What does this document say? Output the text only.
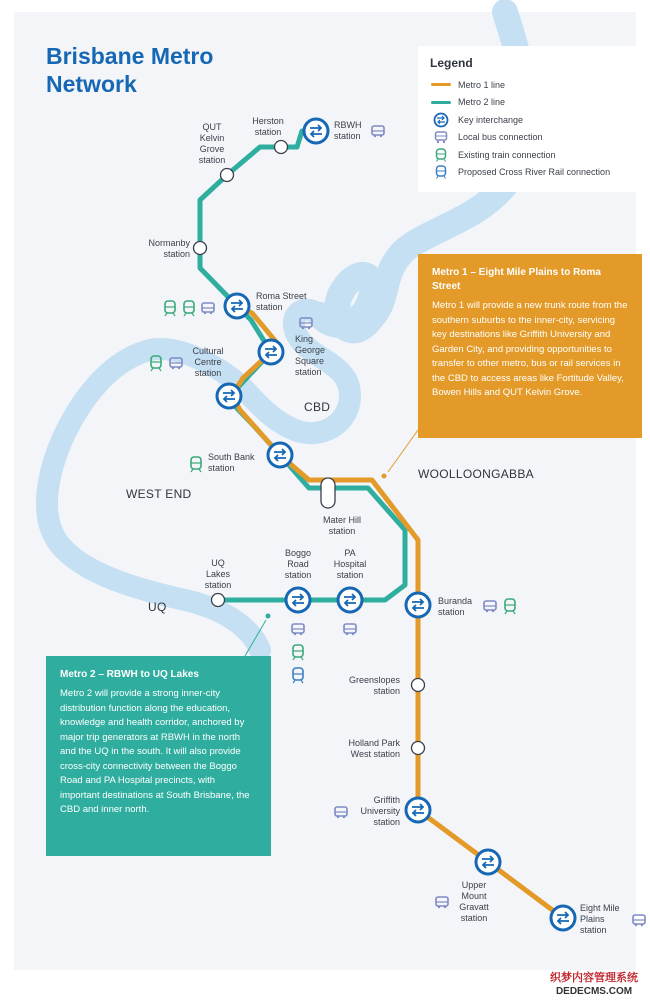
Brisbane Metro Network
Legend
Metro 1 line
Metro 2 line
Key interchange
Local bus connection
Existing train connection
Proposed Cross River Rail connection
RBWH
station
Herston
station
QUT
Kelvin
Grove
station
Normanby
station
Roma Street
station
King
George
Square
station
Cultural
Centre
station
South Bank
station
Mater Hill
station
Boggo
Road
station
PA
Hospital
station
UQ
Lakes
station
Buranda
station
Greenslopes
station
Holland Park
West station
Griffith
University
station
Upper
Mount
Gravatt
station
Eight Mile
Plains
station
CBD
WEST END
WOOLLOONGABBA
UQ
Metro 1 – Eight Mile Plains to Roma Street
Metro 1 will provide a new trunk route from the southern suburbs to the inner-city, servicing key destinations like Griffith University and Garden City, and providing opportunities to transfer to other metro, bus or rail services in the CBD to access areas like Fortitude Valley, Bowen Hills and QUT Kelvin Grove.
Metro 2 – RBWH to UQ Lakes
Metro 2 will provide a strong inner-city distribution function along the education, knowledge and health corridor, anchored by major trip generators at RBWH in the north and the UQ in the south. It will also provide cross-city connectivity between the Boggo Road and PA Hospital precincts, with important destinations at South Brisbane, the CBD and inner north.
织梦内容管理系统
DEDECMS.COM
